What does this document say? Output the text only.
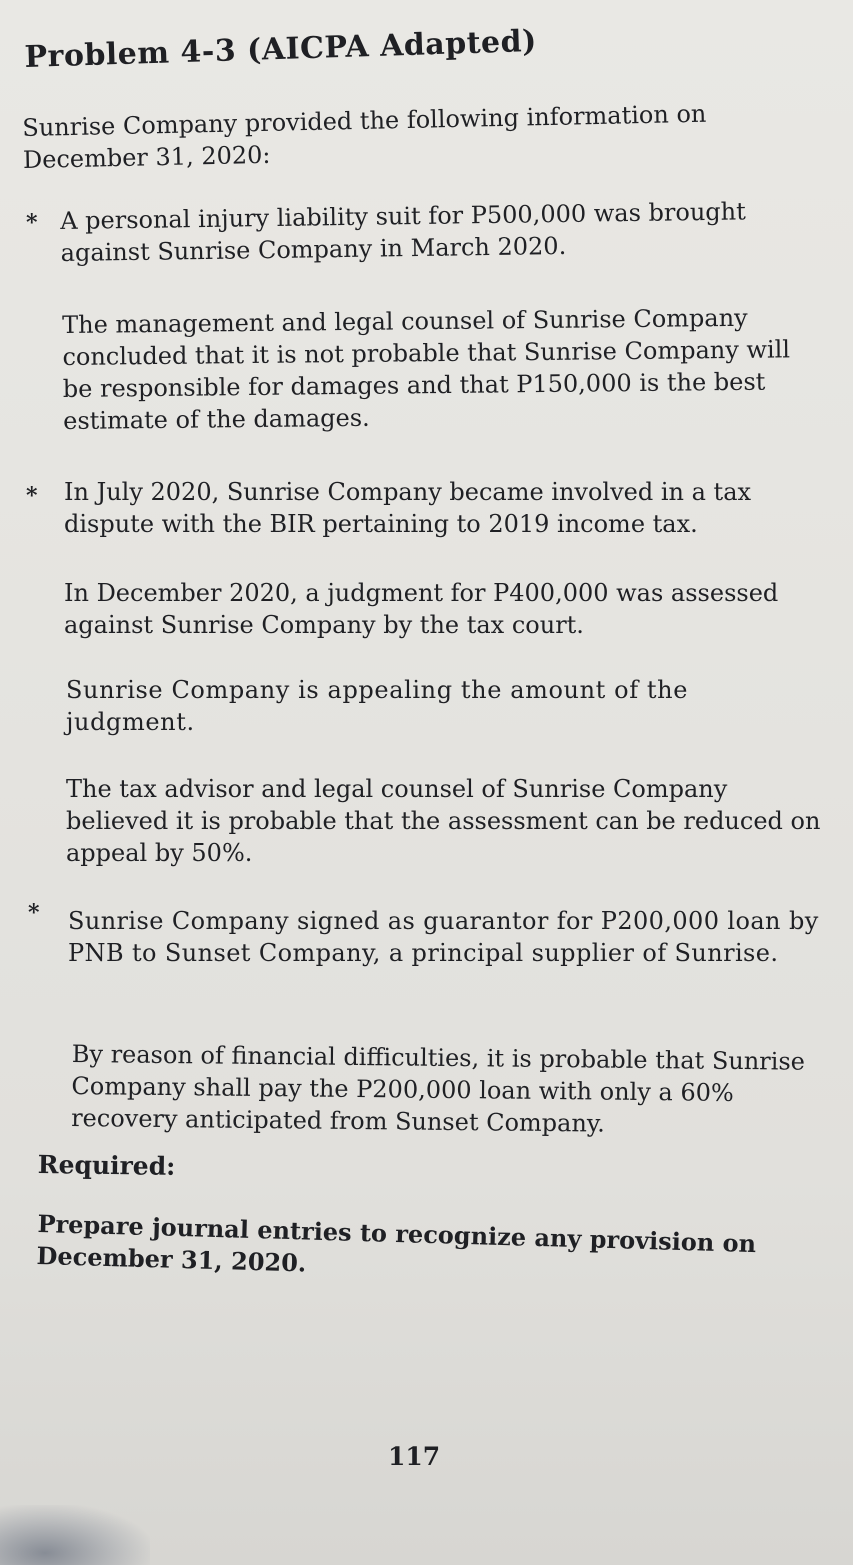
Problem 4-3 (AICPA Adapted)

Sunrise Company provided the following information on December 31, 2020:

* A personal injury liability suit for P500,000 was brought against Sunrise Company in March 2020.

The management and legal counsel of Sunrise Company concluded that it is not probable that Sunrise Company will be responsible for damages and that P150,000 is the best estimate of the damages.

* In July 2020, Sunrise Company became involved in a tax dispute with the BIR pertaining to 2019 income tax.

In December 2020, a judgment for P400,000 was assessed against Sunrise Company by the tax court.

Sunrise Company is appealing the amount of the judgment.

The tax advisor and legal counsel of Sunrise Company believed it is probable that the assessment can be reduced on appeal by 50%.

* Sunrise Company signed as guarantor for P200,000 loan by PNB to Sunset Company, a principal supplier of Sunrise.

By reason of financial difficulties, it is probable that Sunrise Company shall pay the P200,000 loan with only a 60% recovery anticipated from Sunset Company.

Required:

Prepare journal entries to recognize any provision on December 31, 2020.

117
